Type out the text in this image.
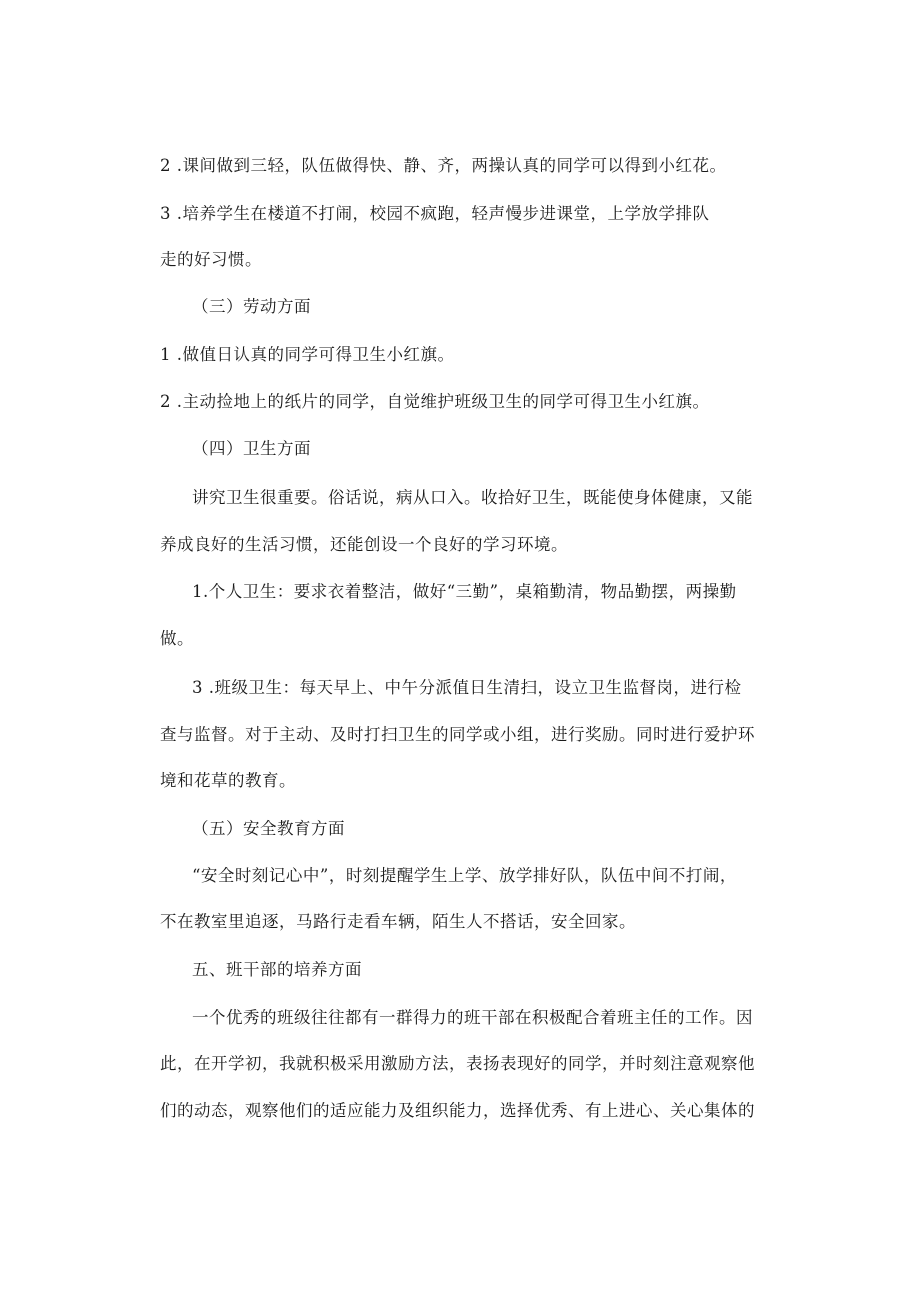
2 .课间做到三轻，队伍做得快、静、齐，两操认真的同学可以得到小红花。
3 .培养学生在楼道不打闹，校园不疯跑，轻声慢步进课堂，上学放学排队
走的好习惯。
（三）劳动方面
1 .做值日认真的同学可得卫生小红旗。
2 .主动捡地上的纸片的同学，自觉维护班级卫生的同学可得卫生小红旗。
（四）卫生方面
讲究卫生很重要。俗话说，病从口入。收拾好卫生，既能使身体健康，又能
养成良好的生活习惯，还能创设一个良好的学习环境。
1.个人卫生：要求衣着整洁，做好“三勤”，桌箱勤清，物品勤摆，两操勤
做。
3 .班级卫生：每天早上、中午分派值日生清扫，设立卫生监督岗，进行检
查与监督。对于主动、及时打扫卫生的同学或小组，进行奖励。同时进行爱护环
境和花草的教育。
（五）安全教育方面
“安全时刻记心中”，时刻提醒学生上学、放学排好队，队伍中间不打闹，
不在教室里追逐，马路行走看车辆，陌生人不搭话，安全回家。
五、班干部的培养方面
一个优秀的班级往往都有一群得力的班干部在积极配合着班主任的工作。因
此，在开学初，我就积极采用激励方法，表扬表现好的同学，并时刻注意观察他
们的动态，观察他们的适应能力及组织能力，选择优秀、有上进心、关心集体的
